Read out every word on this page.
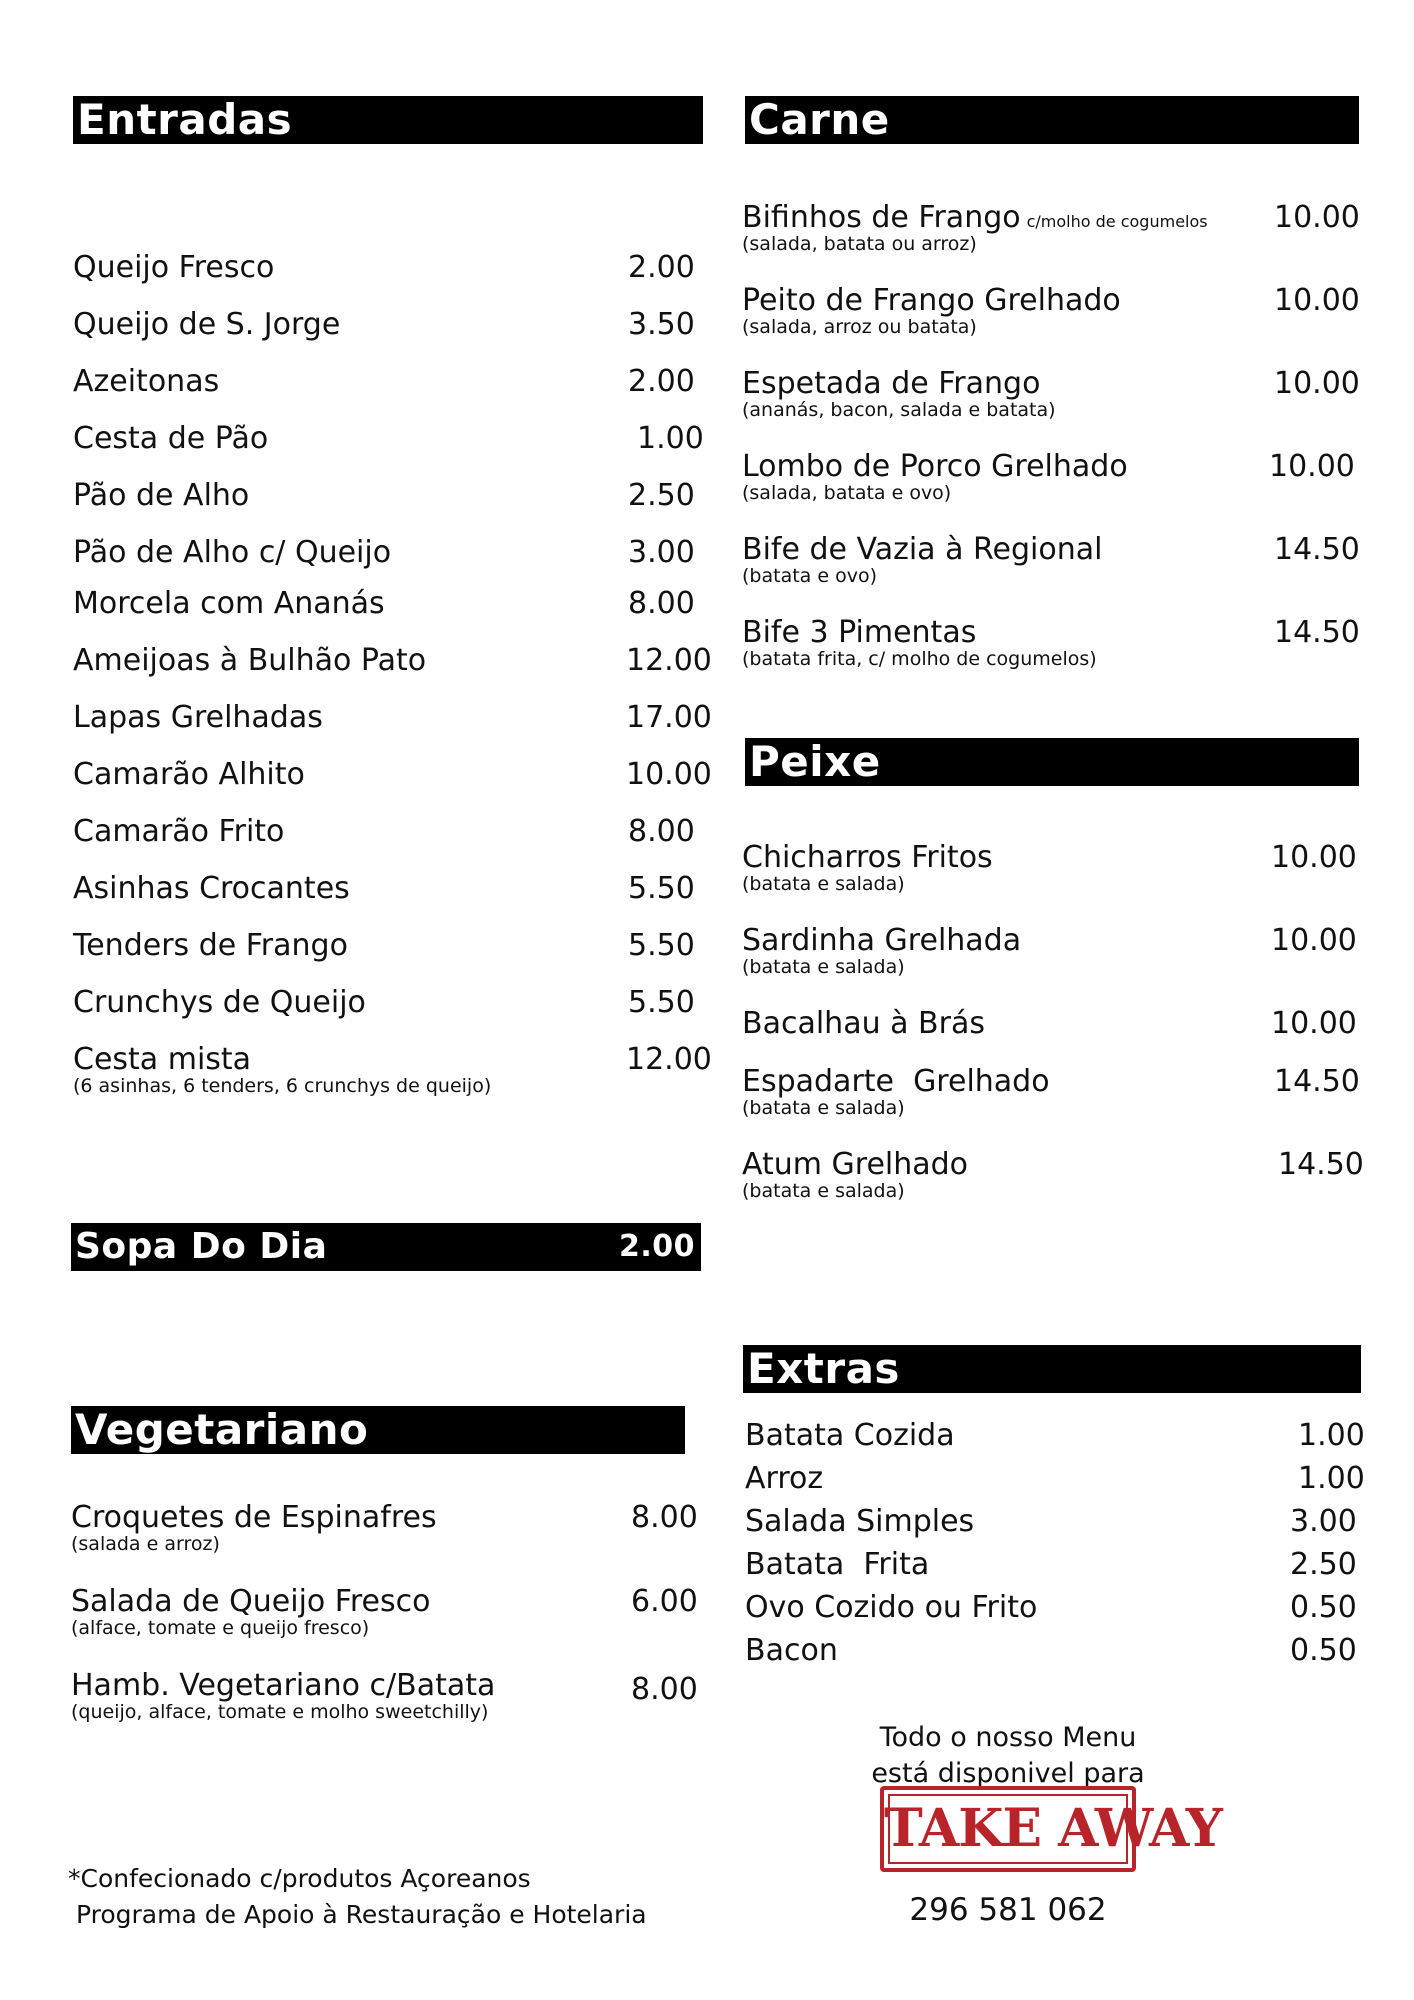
Entradas
Queijo Fresco	2.00
Queijo de S. Jorge	3.50
Azeitonas	2.00
Cesta de Pão	1.00
Pão de Alho	2.50
Pão de Alho c/ Queijo	3.00
Morcela com Ananás	8.00
Ameijoas à Bulhão Pato	12.00
Lapas Grelhadas	17.00
Camarão Alhito	10.00
Camarão Frito	8.00
Asinhas Crocantes	5.50
Tenders de Frango	5.50
Crunchys de Queijo	5.50
Cesta mista	12.00
(6 asinhas, 6 tenders, 6 crunchys de queijo)
Sopa Do Dia	2.00
Vegetariano
Croquetes de Espinafres	8.00
(salada e arroz)
Salada de Queijo Fresco	6.00
(alface, tomate e queijo fresco)
Hamb. Vegetariano c/Batata	8.00
(queijo, alface, tomate e molho sweetchilly)
*Confecionado c/produtos Açoreanos
Programa de Apoio à Restauração e Hotelaria
Carne
Bifinhos de Frango c/molho de cogumelos 10.00
(salada, batata ou arroz)
Peito de Frango Grelhado	10.00
(salada, arroz ou batata)
Espetada de Frango	10.00
(ananás, bacon, salada e batata)
Lombo de Porco Grelhado	10.00
(salada, batata e ovo)
Bife de Vazia à Regional	14.50
(batata e ovo)
Bife 3 Pimentas	14.50
(batata frita, c/ molho de cogumelos)
Peixe
Chicharros Fritos	10.00
(batata e salada)
Sardinha Grelhada	10.00
(batata e salada)
Bacalhau à Brás	10.00
Espadarte  Grelhado	14.50
(batata e salada)
Atum Grelhado	14.50
(batata e salada)
Extras
Batata Cozida	1.00
Arroz	1.00
Salada Simples	3.00
Batata  Frita	2.50
Ovo Cozido ou Frito	0.50
Bacon	0.50
Todo o nosso Menu
está disponivel para
TAKE AWAY
296 581 062
